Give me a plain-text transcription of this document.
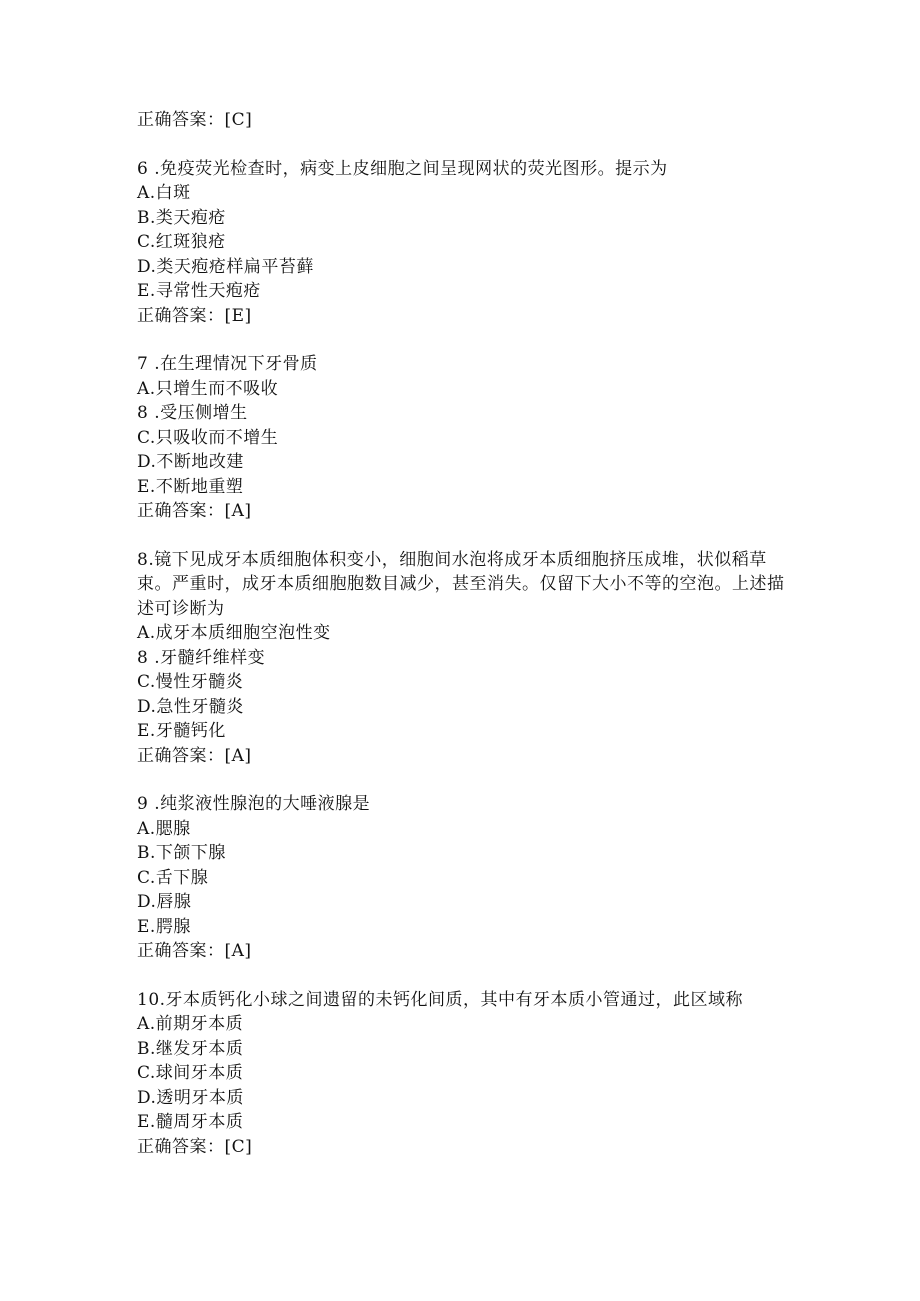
正确答案：[C]
6 .免疫荧光检查时，病变上皮细胞之间呈现网状的荧光图形。提示为
A.白斑
B.类天疱疮
C.红斑狼疮
D.类天疱疮样扁平苔藓
E.寻常性天疱疮
正确答案：[E]
7 .在生理情况下牙骨质
A.只增生而不吸收
8 .受压侧增生
C.只吸收而不增生
D.不断地改建
E.不断地重塑
正确答案：[A]
8.镜下见成牙本质细胞体积变小，细胞间水泡将成牙本质细胞挤压成堆，状似稻草束。严重时，成牙本质细胞胞数目减少，甚至消失。仅留下大小不等的空泡。上述描述可诊断为
A.成牙本质细胞空泡性变
8 .牙髓纤维样变
C.慢性牙髓炎
D.急性牙髓炎
E.牙髓钙化
正确答案：[A]
9 .纯浆液性腺泡的大唾液腺是
A.腮腺
B.下颌下腺
C.舌下腺
D.唇腺
E.腭腺
正确答案：[A]
10.牙本质钙化小球之间遗留的未钙化间质，其中有牙本质小管通过，此区域称
A.前期牙本质
B.继发牙本质
C.球间牙本质
D.透明牙本质
E.髓周牙本质
正确答案：[C]
